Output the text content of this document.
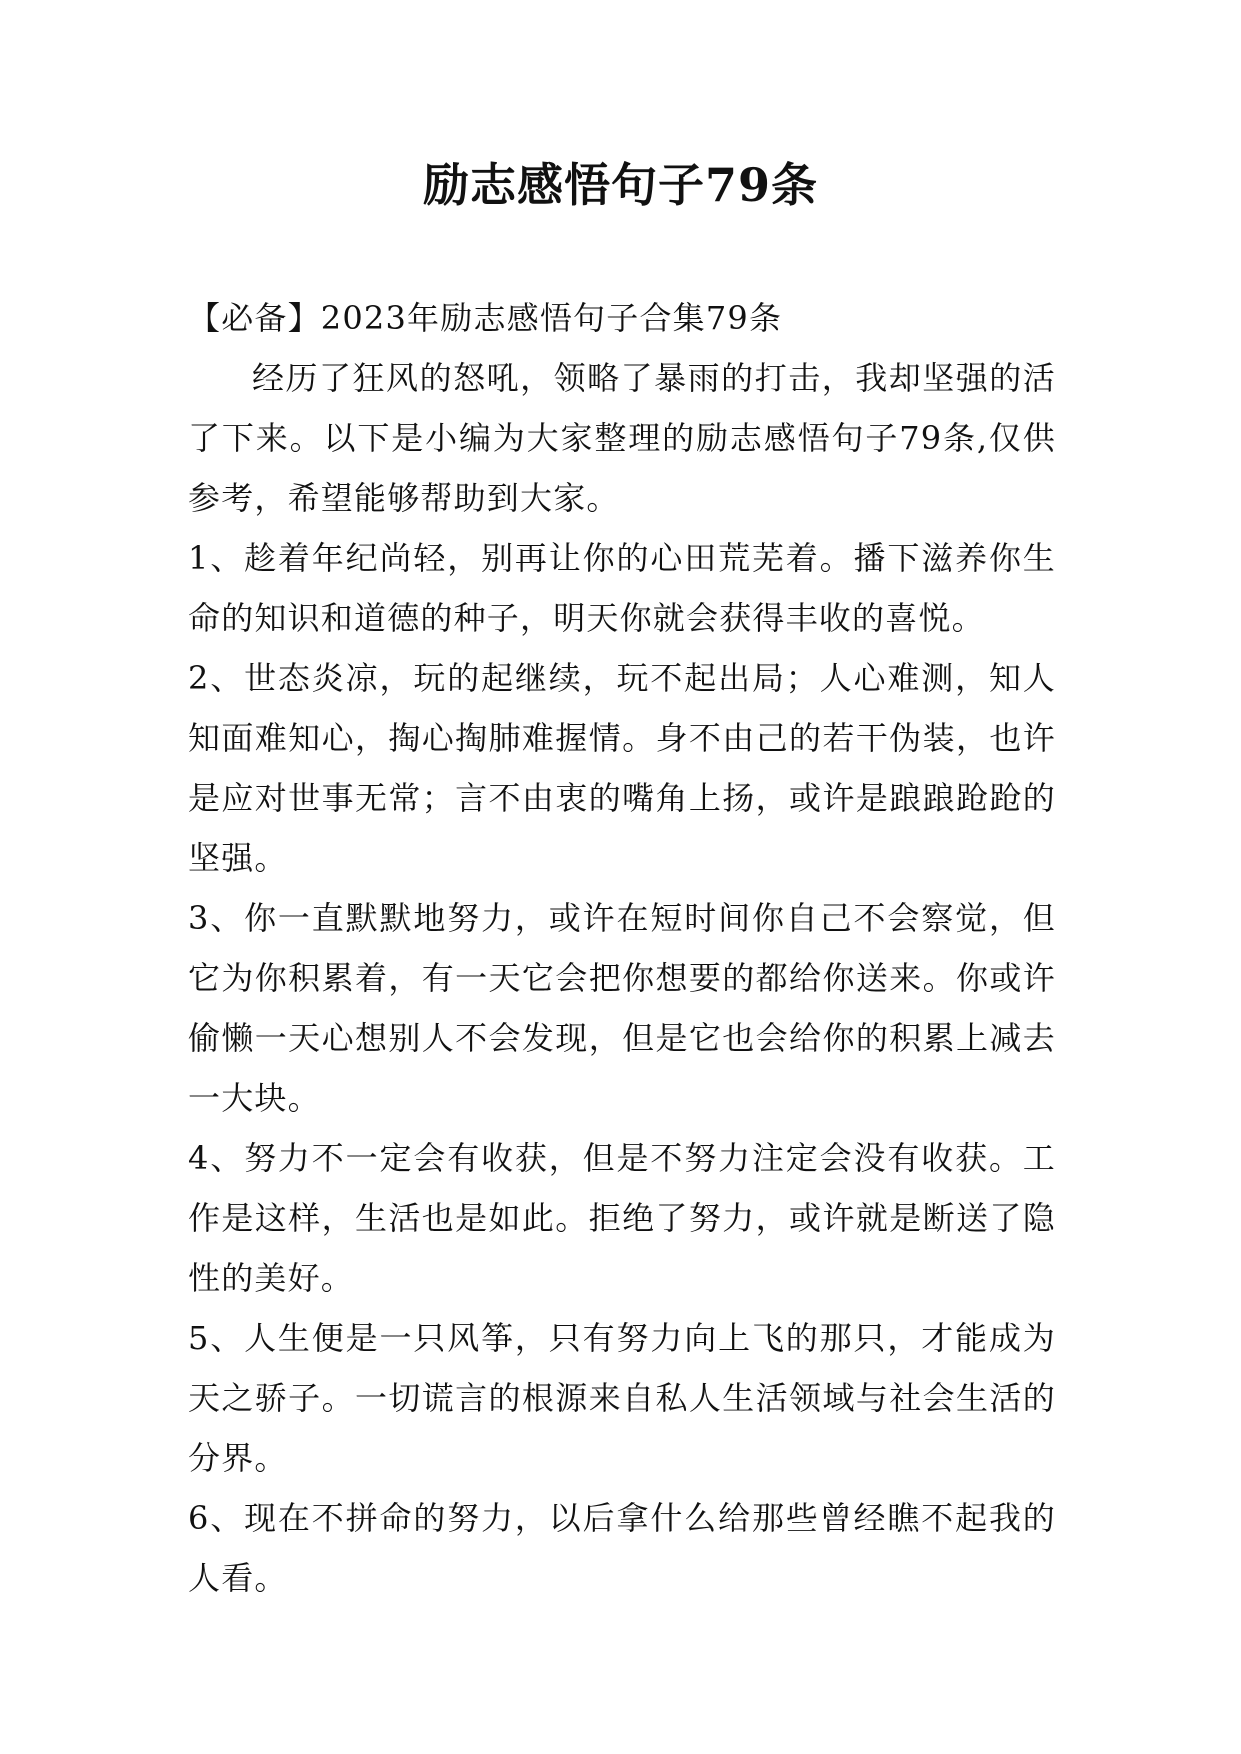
励志感悟句子79条

【必备】2023年励志感悟句子合集79条

经历了狂风的怒吼，领略了暴雨的打击，我却坚强的活了下来。以下是小编为大家整理的励志感悟句子79条,仅供参考，希望能够帮助到大家。

1、趁着年纪尚轻，别再让你的心田荒芜着。播下滋养你生命的知识和道德的种子，明天你就会获得丰收的喜悦。

2、世态炎凉，玩的起继续，玩不起出局；人心难测，知人知面难知心，掏心掏肺难握情。身不由己的若干伪装，也许是应对世事无常；言不由衷的嘴角上扬，或许是踉踉跄跄的坚强。

3、你一直默默地努力，或许在短时间你自己不会察觉，但它为你积累着，有一天它会把你想要的都给你送来。你或许偷懒一天心想别人不会发现，但是它也会给你的积累上减去一大块。

4、努力不一定会有收获，但是不努力注定会没有收获。工作是这样，生活也是如此。拒绝了努力，或许就是断送了隐性的美好。

5、人生便是一只风筝，只有努力向上飞的那只，才能成为天之骄子。一切谎言的根源来自私人生活领域与社会生活的分界。

6、现在不拼命的努力，以后拿什么给那些曾经瞧不起我的人看。
